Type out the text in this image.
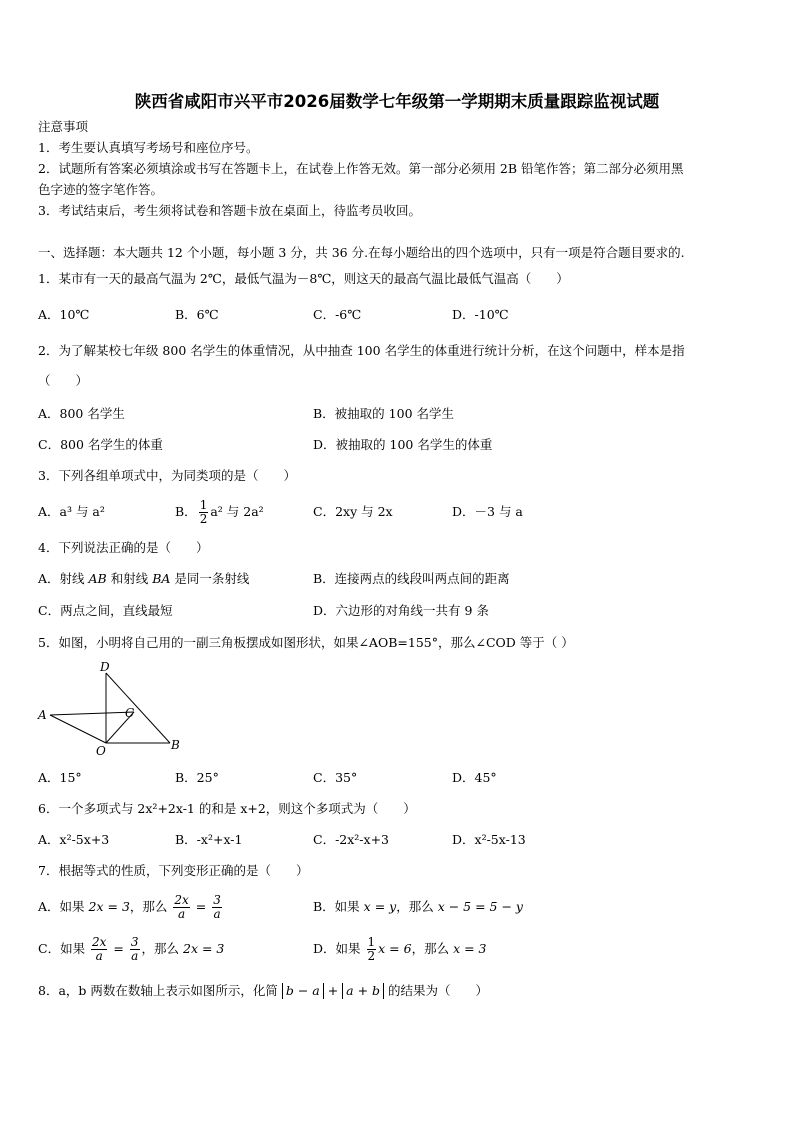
陕西省咸阳市兴平市2026届数学七年级第一学期期末质量跟踪监视试题
注意事项
1．考生要认真填写考场号和座位序号。
2．试题所有答案必须填涂或书写在答题卡上，在试卷上作答无效。第一部分必须用 2B 铅笔作答；第二部分必须用黑
色字迹的签字笔作答。
3．考试结束后，考生须将试卷和答题卡放在桌面上，待监考员收回。
一、选择题：本大题共 12 个小题，每小题 3 分，共 36 分.在每小题给出的四个选项中，只有一项是符合题目要求的.
1．某市有一天的最高气温为 2℃，最低气温为－8℃，则这天的最高气温比最低气温高（　　）
A．10℃	B．6℃	C．-6℃	D．-10℃
2．为了解某校七年级 800 名学生的体重情况，从中抽查 100 名学生的体重进行统计分析，在这个问题中，样本是指
（　　）
A．800 名学生	B．被抽取的 100 名学生
C．800 名学生的体重	D．被抽取的 100 名学生的体重
3．下列各组单项式中，为同类项的是（　　）
A．a³ 与 a²	B． $\frac{1}{2} a^2$ 与 2a²	C．2xy 与 2x	D．－3 与 a
4．下列说法正确的是（　　）
A．射线 AB 和射线 BA 是同一条射线	B．连接两点的线段叫两点间的距离
C．两点之间，直线最短	D．六边形的对角线一共有 9 条
5．如图，小明将自己用的一副三角板摆成如图形状，如果∠AOB=155°，那么∠COD 等于（ ）
D
A	C
O	B
A．15°	B．25°	C．35°	D．45°
6．一个多项式与 2x²+2x-1 的和是 x+2，则这个多项式为（　　）
A．x²-5x+3	B．-x²+x-1	C．-2x²-x+3	D．x²-5x-13
7．根据等式的性质，下列变形正确的是（　　）
A．如果 2x = 3，那么 $\frac{2x}{a} = \frac{3}{a}$	B．如果 x = y，那么 x − 5 = 5 − y
C．如果 $\frac{2x}{a} = \frac{3}{a}$ ，那么 2x = 3	D．如果 $\frac{1}{2}$ x = 6，那么 x = 3
8．a，b 两数在数轴上表示如图所示，化简 b − a + a + b 的结果为（　　）
